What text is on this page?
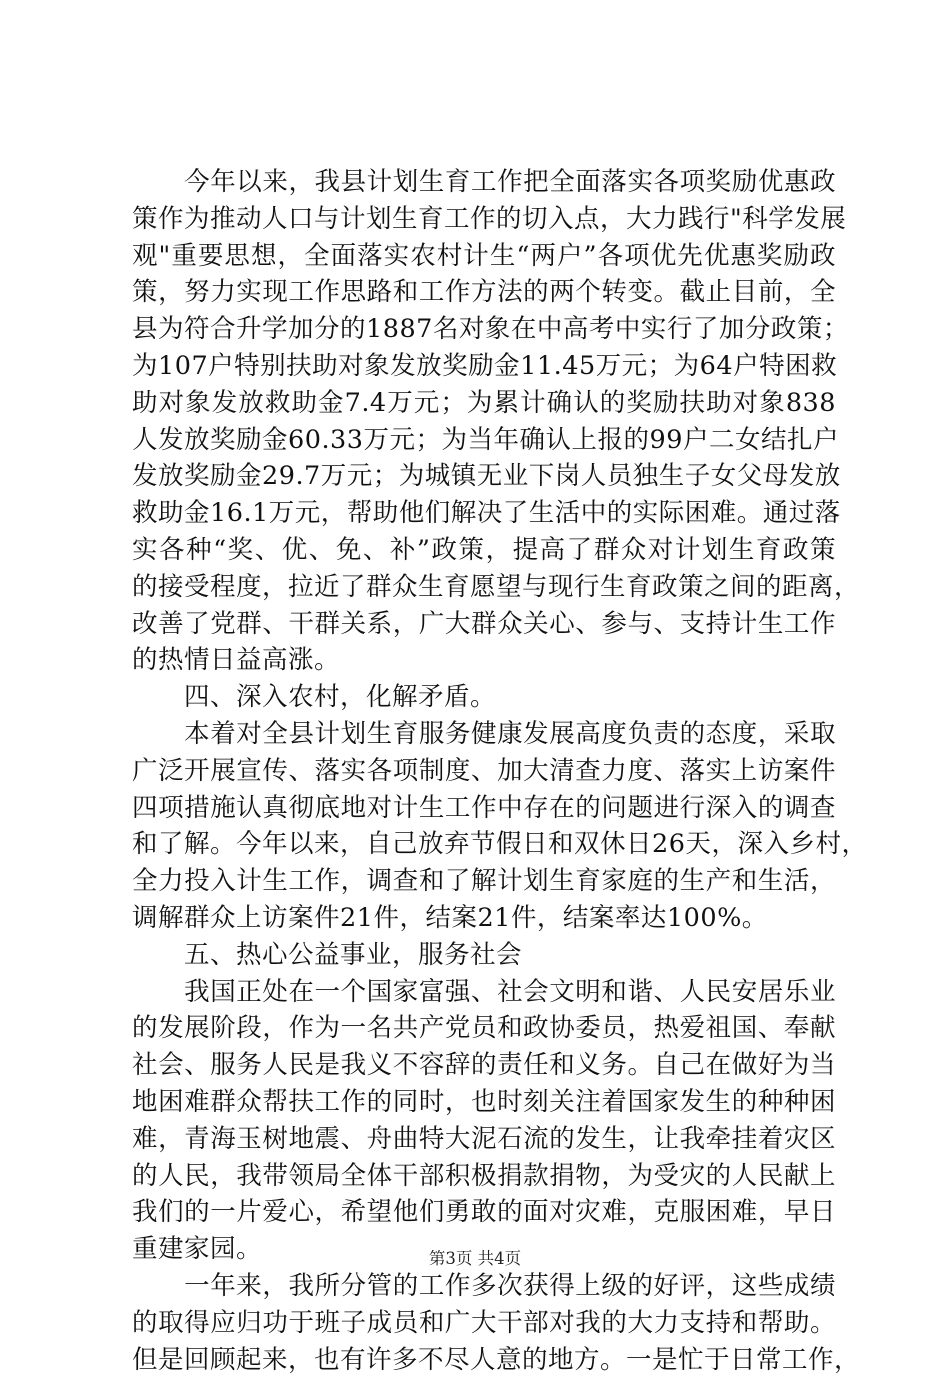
　　今年以来，我县计划生育工作把全面落实各项奖励优惠政
策作为推动人口与计划生育工作的切入点，大力践行"科学发展
观"重要思想，全面落实农村计生“两户”各项优先优惠奖励政
策，努力实现工作思路和工作方法的两个转变。截止目前，全
县为符合升学加分的1887名对象在中高考中实行了加分政策；
为107户特别扶助对象发放奖励金11.45万元；为64户特困救
助对象发放救助金7.4万元；为累计确认的奖励扶助对象838
人发放奖励金60.33万元；为当年确认上报的99户二女结扎户
发放奖励金29.7万元；为城镇无业下岗人员独生子女父母发放
救助金16.1万元，帮助他们解决了生活中的实际困难。通过落
实各种“奖、优、免、补”政策，提高了群众对计划生育政策
的接受程度，拉近了群众生育愿望与现行生育政策之间的距离，
改善了党群、干群关系，广大群众关心、参与、支持计生工作
的热情日益高涨。
　　四、深入农村，化解矛盾。
　　本着对全县计划生育服务健康发展高度负责的态度，采取
广泛开展宣传、落实各项制度、加大清查力度、落实上访案件
四项措施认真彻底地对计生工作中存在的问题进行深入的调查
和了解。今年以来，自己放弃节假日和双休日26天，深入乡村，
全力投入计生工作，调查和了解计划生育家庭的生产和生活，
调解群众上访案件21件，结案21件，结案率达100%。
　　五、热心公益事业，服务社会
　　我国正处在一个国家富强、社会文明和谐、人民安居乐业
的发展阶段，作为一名共产党员和政协委员，热爱祖国、奉献
社会、服务人民是我义不容辞的责任和义务。自己在做好为当
地困难群众帮扶工作的同时，也时刻关注着国家发生的种种困
难，青海玉树地震、舟曲特大泥石流的发生，让我牵挂着灾区
的人民，我带领局全体干部积极捐款捐物，为受灾的人民献上
我们的一片爱心，希望他们勇敢的面对灾难，克服困难，早日
重建家园。
　　一年来，我所分管的工作多次获得上级的好评，这些成绩
的取得应归功于班子成员和广大干部对我的大力支持和帮助。
但是回顾起来，也有许多不尽人意的地方。一是忙于日常工作，
第3页 共4页
